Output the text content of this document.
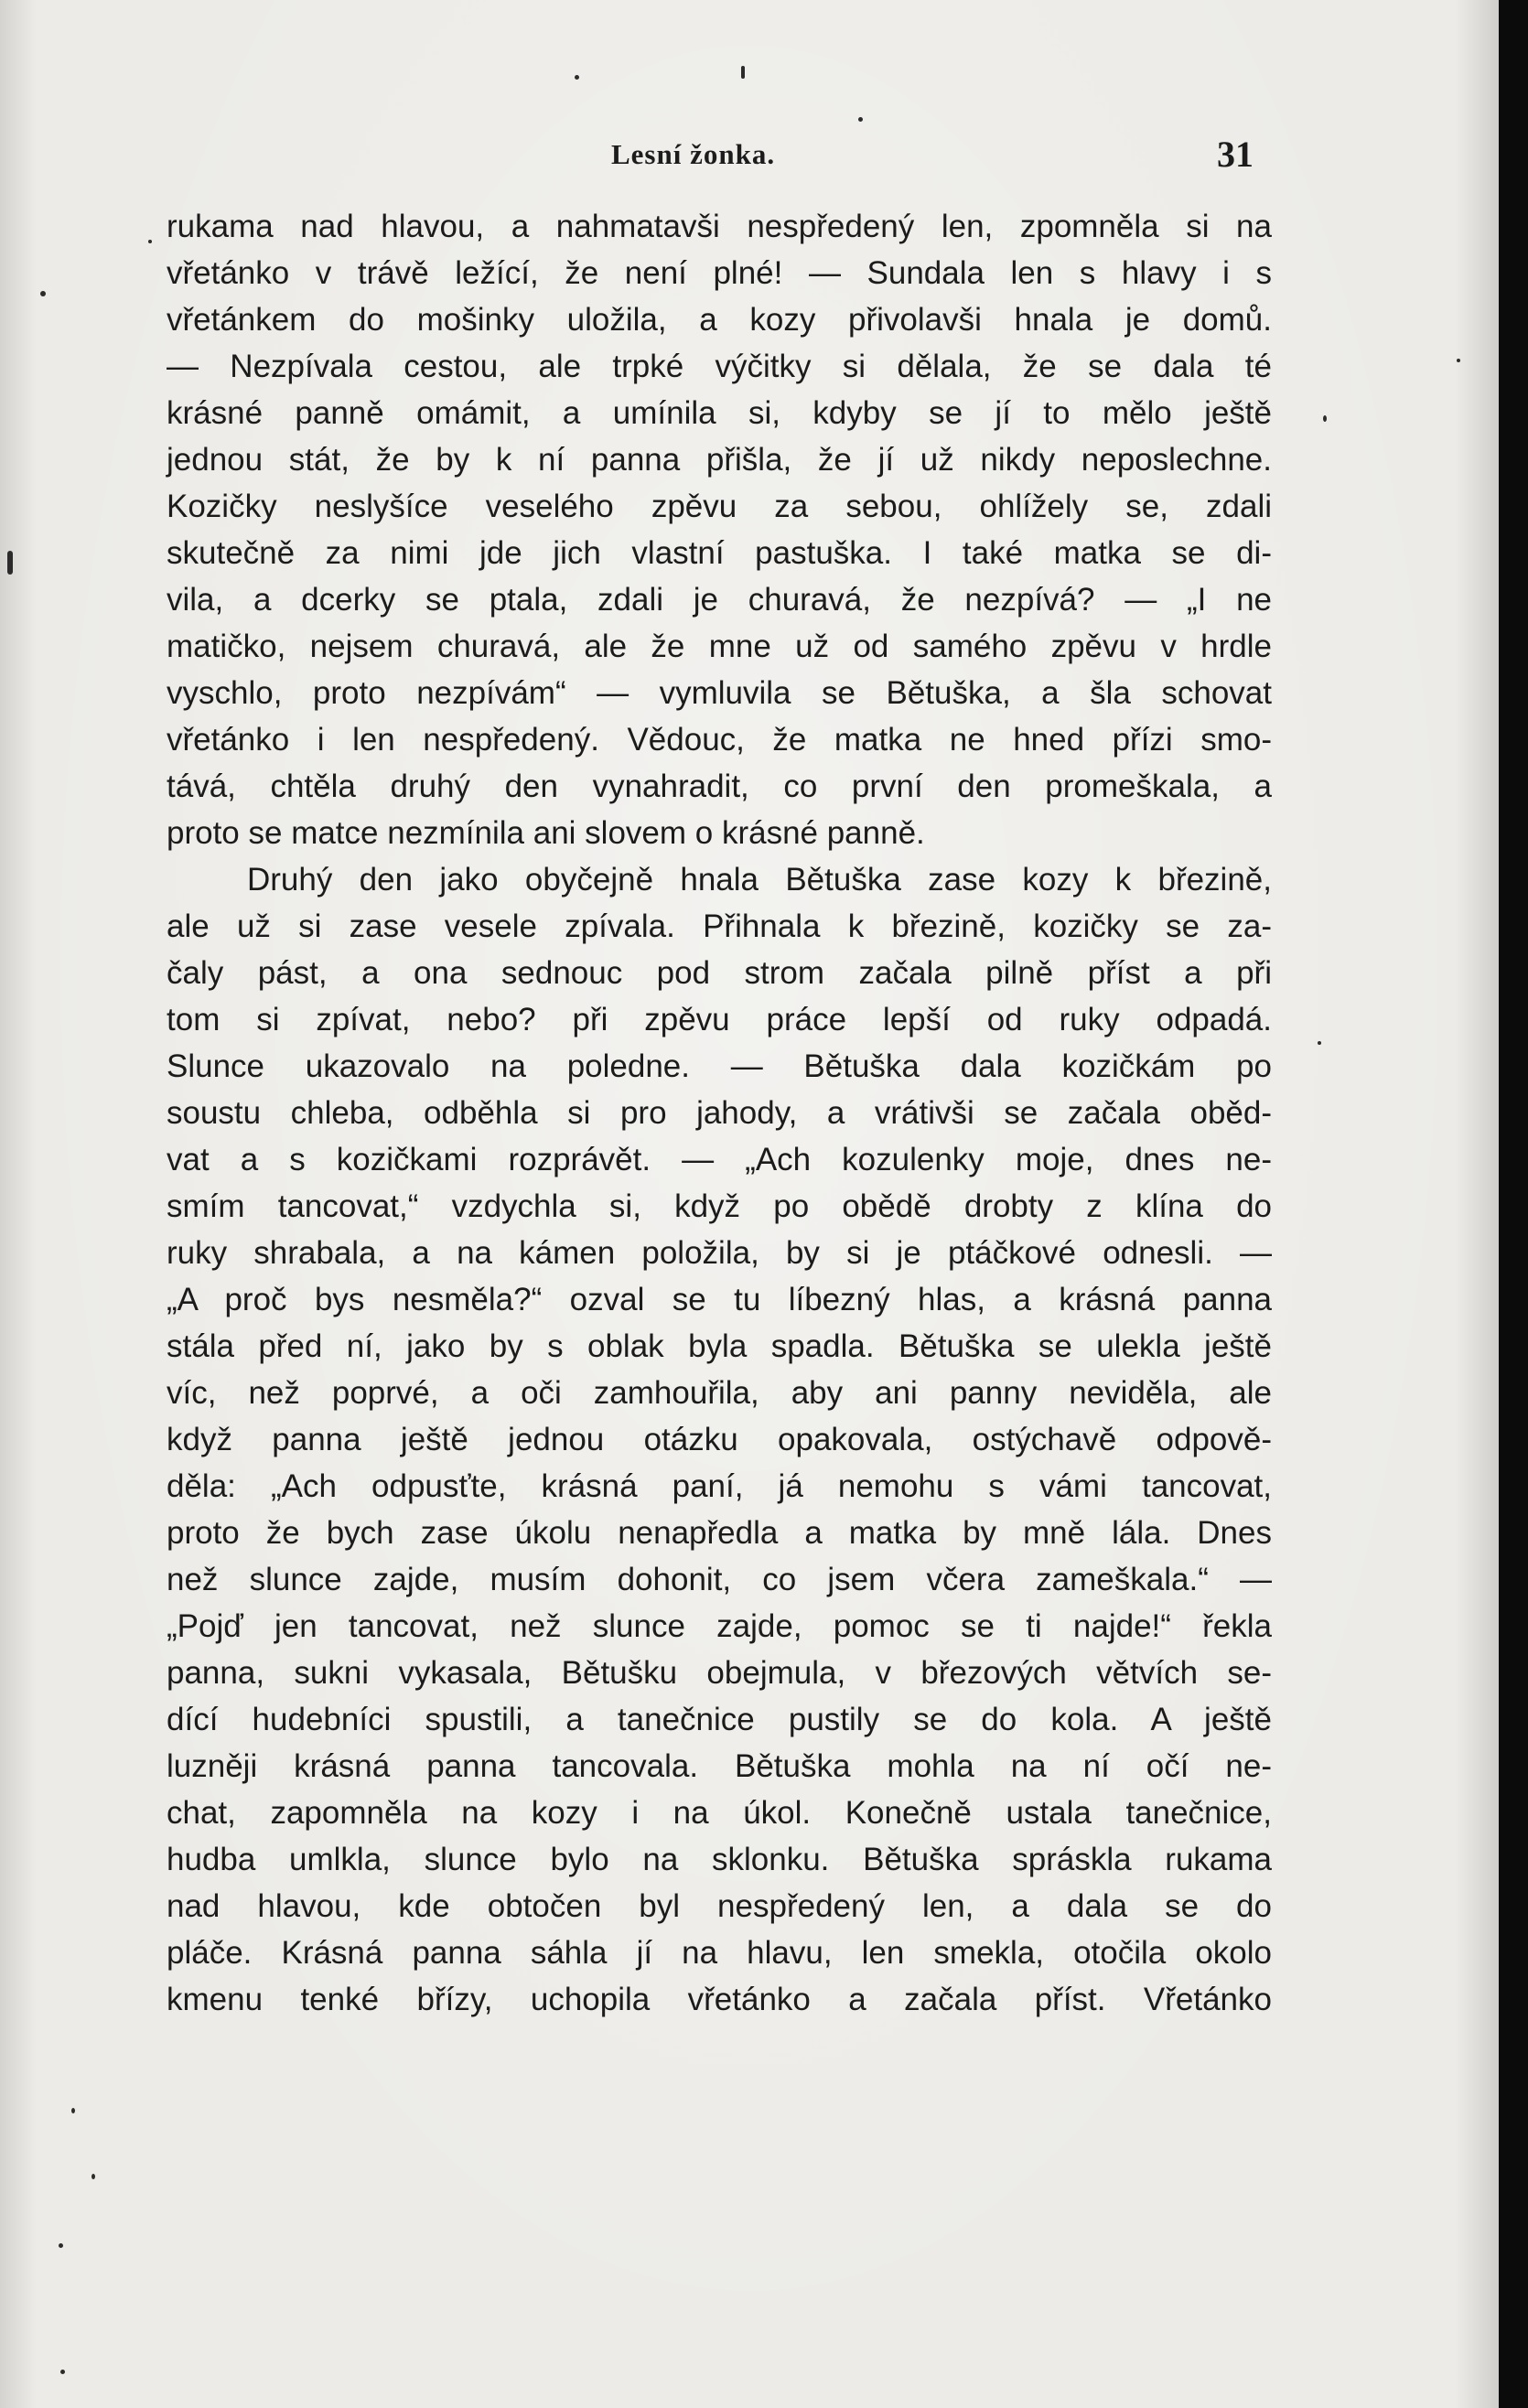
Lesní žonka.	31
rukama nad hlavou, a nahmatavši nespředený len, zpomněla si na
vřetánko v trávě ležící, že není plné! — Sundala len s hlavy i s
vřetánkem do mošinky uložila, a kozy přivolavši hnala je domů.
— Nezpívala cestou, ale trpké výčitky si dělala, že se dala té
krásné panně omámit, a umínila si, kdyby se jí to mělo ještě
jednou stát, že by k ní panna přišla, že jí už nikdy neposlechne.
Kozičky neslyšíce veselého zpěvu za sebou, ohlížely se, zdali
skutečně za nimi jde jich vlastní pastuška. I také matka se di-
vila, a dcerky se ptala, zdali je churavá, že nezpívá? — „I ne
matičko, nejsem churavá, ale že mne už od samého zpěvu v hrdle
vyschlo, proto nezpívám“ — vymluvila se Bětuška, a šla schovat
vřetánko i len nespředený. Vědouc, že matka ne hned přízi smo-
tává, chtěla druhý den vynahradit, co první den promeškala, a
proto se matce nezmínila ani slovem o krásné panně.
Druhý den jako obyčejně hnala Bětuška zase kozy k březině,
ale už si zase vesele zpívala. Přihnala k březině, kozičky se za-
čaly pást, a ona sednouc pod strom začala pilně příst a při
tom si zpívat, nebo? při zpěvu práce lepší od ruky odpadá.
Slunce ukazovalo na poledne. — Bětuška dala kozičkám po
soustu chleba, odběhla si pro jahody, a vrátivši se začala oběd-
vat a s kozičkami rozprávět. — „Ach kozulenky moje, dnes ne-
smím tancovat,“ vzdychla si, když po obědě drobty z klína do
ruky shrabala, a na kámen položila, by si je ptáčkové odnesli. —
„A proč bys nesměla?“ ozval se tu líbezný hlas, a krásná panna
stála před ní, jako by s oblak byla spadla. Bětuška se ulekla ještě
víc, než poprvé, a oči zamhouřila, aby ani panny neviděla, ale
když panna ještě jednou otázku opakovala, ostýchavě odpově-
děla: „Ach odpusťte, krásná paní, já nemohu s vámi tancovat,
proto že bych zase úkolu nenapředla a matka by mně lála. Dnes
než slunce zajde, musím dohonit, co jsem včera zameškala.“ —
„Pojď jen tancovat, než slunce zajde, pomoc se ti najde!“ řekla
panna, sukni vykasala, Bětušku obejmula, v březových větvích se-
dící hudebníci spustili, a tanečnice pustily se do kola. A ještě
luzněji krásná panna tancovala. Bětuška mohla na ní očí ne-
chat, zapomněla na kozy i na úkol. Konečně ustala tanečnice,
hudba umlkla, slunce bylo na sklonku. Bětuška spráskla rukama
nad hlavou, kde obtočen byl nespředený len, a dala se do
pláče. Krásná panna sáhla jí na hlavu, len smekla, otočila okolo
kmenu tenké břízy, uchopila vřetánko a začala příst. Vřetánko
